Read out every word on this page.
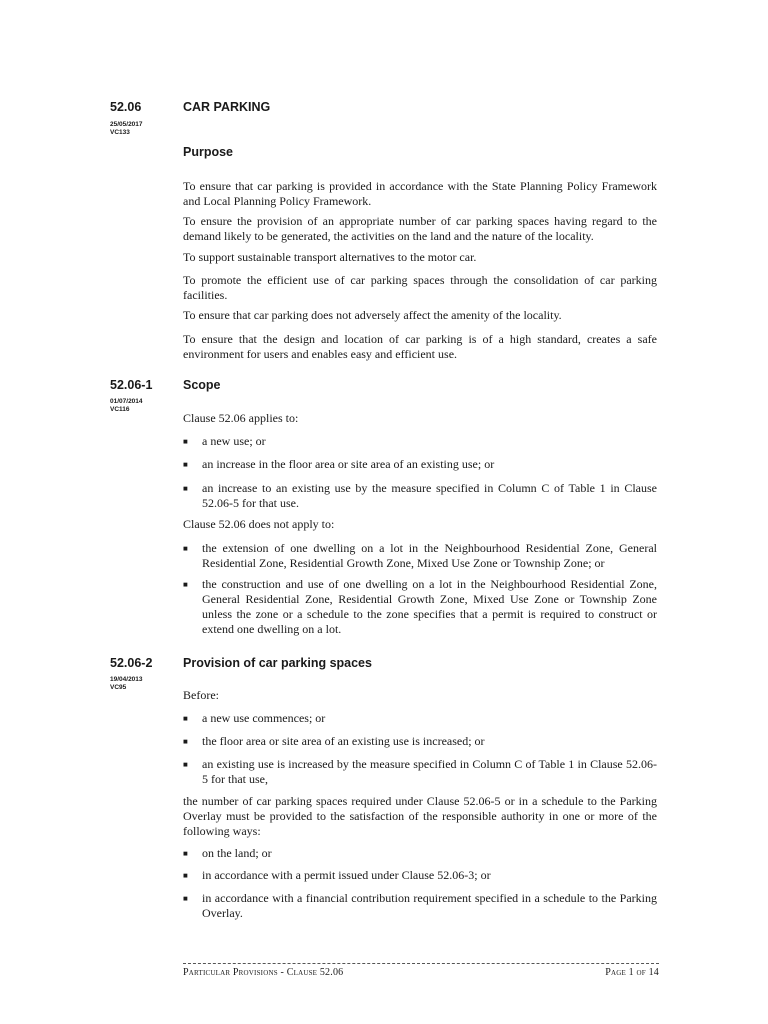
52.06
25/05/2017
VC133
CAR PARKING
Purpose
To ensure that car parking is provided in accordance with the State Planning Policy Framework and Local Planning Policy Framework.
To ensure the provision of an appropriate number of car parking spaces having regard to the demand likely to be generated, the activities on the land and the nature of the locality.
To support sustainable transport alternatives to the motor car.
To promote the efficient use of car parking spaces through the consolidation of car parking facilities.
To ensure that car parking does not adversely affect the amenity of the locality.
To ensure that the design and location of car parking is of a high standard, creates a safe environment for users and enables easy and efficient use.
52.06-1
01/07/2014
VC116
Scope
Clause 52.06 applies to:
■ a new use; or
■ an increase in the floor area or site area of an existing use; or
■ an increase to an existing use by the measure specified in Column C of Table 1 in Clause 52.06-5 for that use.
Clause 52.06 does not apply to:
■ the extension of one dwelling on a lot in the Neighbourhood Residential Zone, General Residential Zone, Residential Growth Zone, Mixed Use Zone or Township Zone; or
■ the construction and use of one dwelling on a lot in the Neighbourhood Residential Zone, General Residential Zone, Residential Growth Zone, Mixed Use Zone or Township Zone unless the zone or a schedule to the zone specifies that a permit is required to construct or extend one dwelling on a lot.
52.06-2
19/04/2013
VC95
Provision of car parking spaces
Before:
■ a new use commences; or
■ the floor area or site area of an existing use is increased; or
■ an existing use is increased by the measure specified in Column C of Table 1 in Clause 52.06-5 for that use,
the number of car parking spaces required under Clause 52.06-5 or in a schedule to the Parking Overlay must be provided to the satisfaction of the responsible authority in one or more of the following ways:
■ on the land; or
■ in accordance with a permit issued under Clause 52.06-3; or
■ in accordance with a financial contribution requirement specified in a schedule to the Parking Overlay.
Particular Provisions - Clause 52.06	Page 1 of 14
